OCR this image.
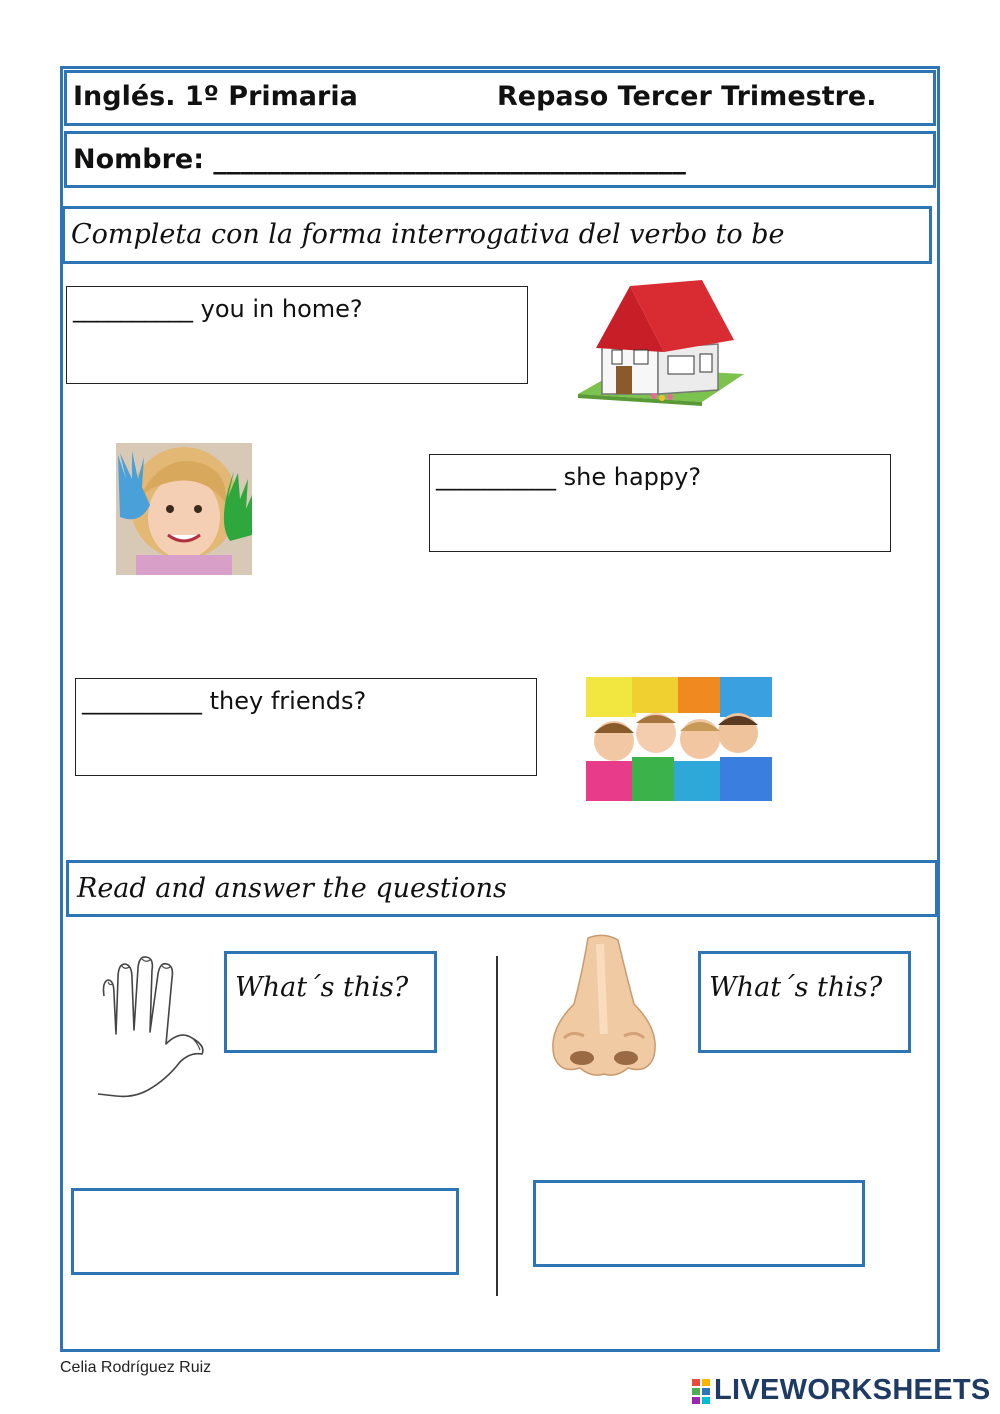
Inglés. 1º Primaria	Repaso Tercer Trimestre.
Nombre: ___________________________________
Completa con la forma interrogativa del verbo to be
__________ you in home?
__________ she happy?
__________ they friends?
Read and answer the questions
What´s this?	What´s this?
Celia Rodríguez Ruiz
LIVEWORKSHEETS
